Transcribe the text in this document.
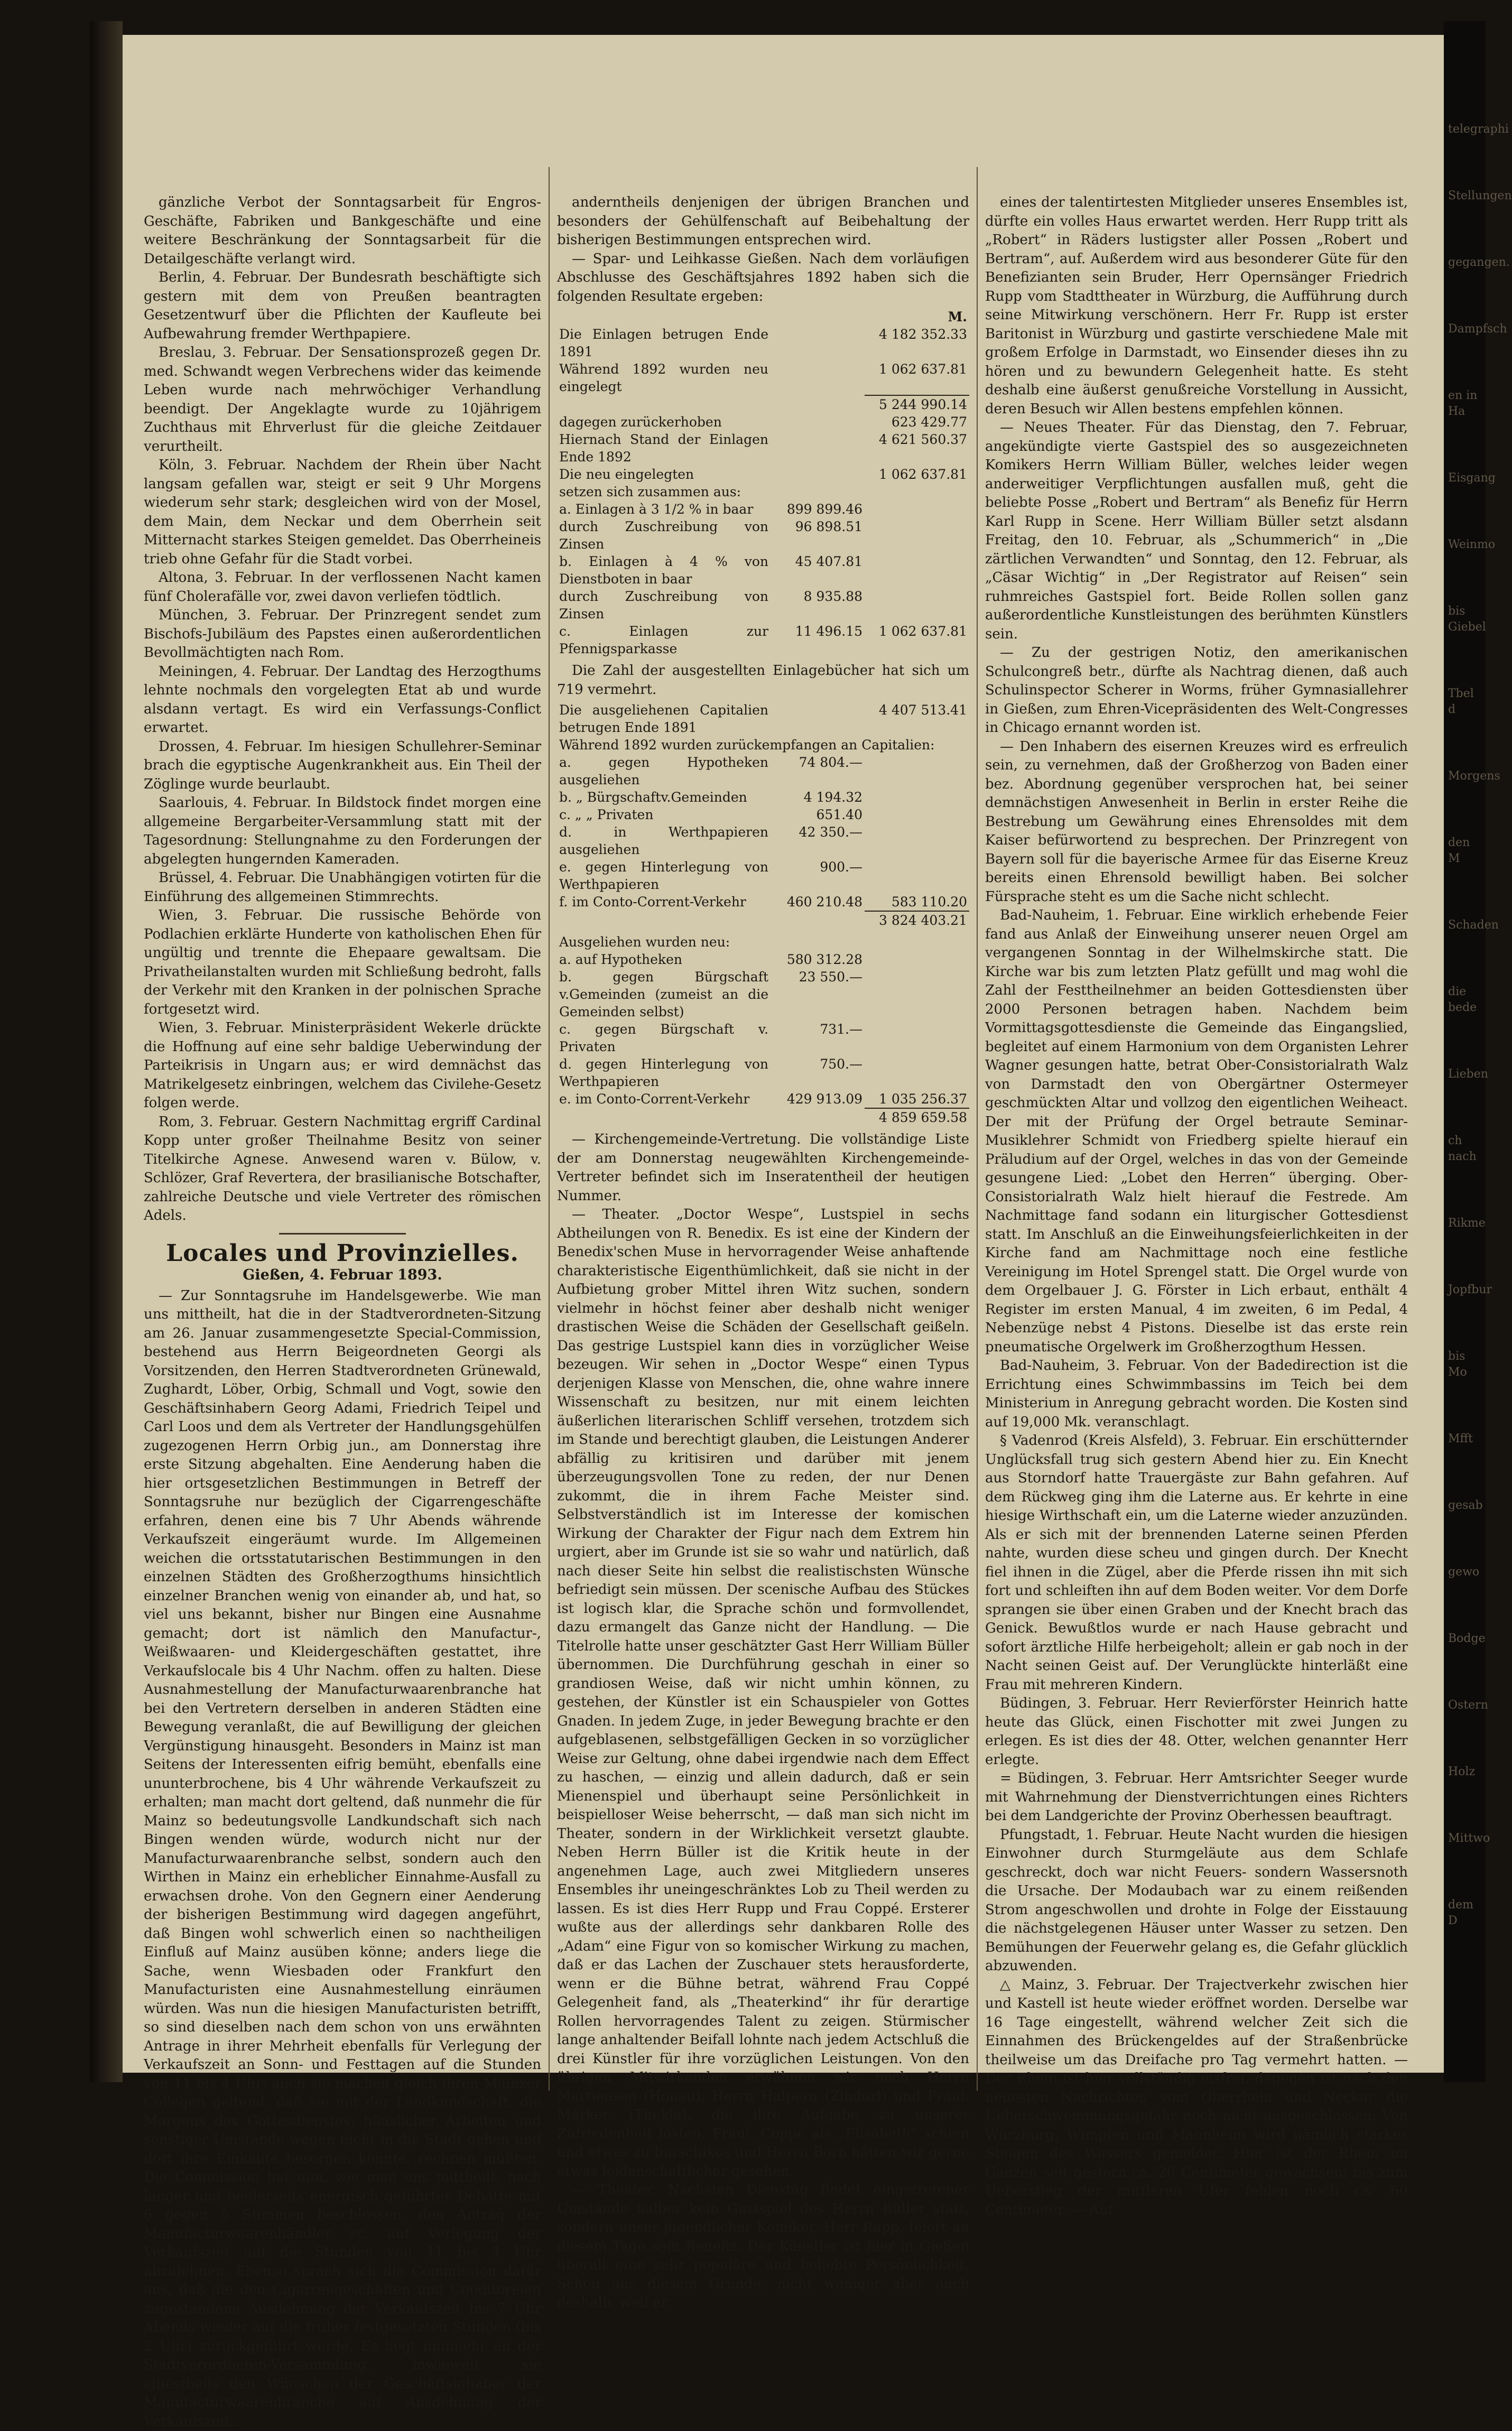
gänzliche Verbot der Sonntagsarbeit für Engros-Geschäfte, Fabriken und Bankgeschäfte und eine weitere Beschränkung der Sonntagsarbeit für die Detailgeschäfte verlangt wird.

Berlin, 4. Februar. Der Bundesrath beschäftigte sich gestern mit dem von Preußen beantragten Gesetzentwurf über die Pflichten der Kaufleute bei Aufbewahrung fremder Werthpapiere.

Breslau, 3. Februar. Der Sensationsprozeß gegen Dr. med. Schwandt wegen Verbrechens wider das keimende Leben wurde nach mehrwöchiger Verhandlung beendigt. Der Angeklagte wurde zu 10jährigem Zuchthaus mit Ehrverlust für die gleiche Zeitdauer verurtheilt.

Köln, 3. Februar. Nachdem der Rhein über Nacht langsam gefallen war, steigt er seit 9 Uhr Morgens wiederum sehr stark; desgleichen wird von der Mosel, dem Main, dem Neckar und dem Oberrhein seit Mitternacht starkes Steigen gemeldet. Das Oberrheineis trieb ohne Gefahr für die Stadt vorbei.

Altona, 3. Februar. In der verflossenen Nacht kamen fünf Cholerafälle vor, zwei davon verliefen tödtlich.

München, 3. Februar. Der Prinzregent sendet zum Bischofs-Jubiläum des Papstes einen außerordentlichen Bevollmächtigten nach Rom.

Meiningen, 4. Februar. Der Landtag des Herzogthums lehnte nochmals den vorgelegten Etat ab und wurde alsdann vertagt. Es wird ein Verfassungs-Conflict erwartet.

Drossen, 4. Februar. Im hiesigen Schullehrer-Seminar brach die egyptische Augenkrankheit aus. Ein Theil der Zöglinge wurde beurlaubt.

Saarlouis, 4. Februar. In Bildstock findet morgen eine allgemeine Bergarbeiter-Versammlung statt mit der Tagesordnung: Stellungnahme zu den Forderungen der abgelegten hungernden Kameraden.

Brüssel, 4. Februar. Die Unabhängigen votirten für die Einführung des allgemeinen Stimmrechts.

Wien, 3. Februar. Die russische Behörde von Podlachien erklärte Hunderte von katholischen Ehen für ungültig und trennte die Ehepaare gewaltsam. Die Privatheilanstalten wurden mit Schließung bedroht, falls der Verkehr mit den Kranken in der polnischen Sprache fortgesetzt wird.

Wien, 3. Februar. Ministerpräsident Wekerle drückte die Hoffnung auf eine sehr baldige Ueberwindung der Parteikrisis in Ungarn aus; er wird demnächst das Matrikelgesetz einbringen, welchem das Civilehe-Gesetz folgen werde.

Rom, 3. Februar. Gestern Nachmittag ergriff Cardinal Kopp unter großer Theilnahme Besitz von seiner Titelkirche Agnese. Anwesend waren v. Bülow, v. Schlözer, Graf Revertera, der brasilianische Botschafter, zahlreiche Deutsche und viele Vertreter des römischen Adels.

Locales und Provinzielles.
Gießen, 4. Februar 1893.

— Zur Sonntagsruhe im Handelsgewerbe. Wie man uns mittheilt, hat die in der Stadtverordneten-Sitzung am 26. Januar zusammengesetzte Special-Commission, bestehend aus Herrn Beigeordneten Georgi als Vorsitzenden, den Herren Stadtverordneten Grünewald, Zughardt, Löber, Orbig, Schmall und Vogt, sowie den Geschäftsinhabern Georg Adami, Friedrich Teipel und Carl Loos und dem als Vertreter der Handlungsgehülfen zugezogenen Herrn Orbig jun., am Donnerstag ihre erste Sitzung abgehalten. Eine Aenderung haben die hier ortsgesetzlichen Bestimmungen in Betreff der Sonntagsruhe nur bezüglich der Cigarrengeschäfte erfahren, denen eine bis 7 Uhr Abends währende Verkaufszeit eingeräumt wurde. Im Allgemeinen weichen die ortsstatutarischen Bestimmungen in den einzelnen Städten des Großherzogthums hinsichtlich einzelner Branchen wenig von einander ab, und hat, so viel uns bekannt, bisher nur Bingen eine Ausnahme gemacht; dort ist nämlich den Manufactur-, Weißwaaren- und Kleidergeschäften gestattet, ihre Verkaufslocale bis 4 Uhr Nachm. offen zu halten. Diese Ausnahmestellung der Manufacturwaarenbranche hat bei den Vertretern derselben in anderen Städten eine Bewegung veranlaßt, die auf Bewilligung der gleichen Vergünstigung hinausgeht. Besonders in Mainz ist man Seitens der Interessenten eifrig bemüht, ebenfalls eine ununterbrochene, bis 4 Uhr währende Verkaufszeit zu erhalten; man macht dort geltend, daß nunmehr die für Mainz so bedeutungsvolle Landkundschaft sich nach Bingen wenden würde, wodurch nicht nur der Manufacturwaarenbranche selbst, sondern auch den Wirthen in Mainz ein erheblicher Einnahme-Ausfall zu erwachsen drohe. Von den Gegnern einer Aenderung der bisherigen Bestimmung wird dagegen angeführt, daß Bingen wohl schwerlich einen so nachtheiligen Einfluß auf Mainz ausüben könne; anders liege die Sache, wenn Wiesbaden oder Frankfurt den Manufacturisten eine Ausnahmestellung einräumen würden. Was nun die hiesigen Manufacturisten betrifft, so sind dieselben nach dem schon von uns erwähnten Antrage in ihrer Mehrheit ebenfalls für Verlegung der Verkaufszeit an Sonn- und Festtagen auf die Stunden von 11 bis 4 Uhr; auch sie machen gleich ihren Mainzer Collegen geltend, daß sie mit der Landkundschaft, die Morgens des Gottesdienstes, häuslicher Arbeiten und sonstiger Umstände wegen nicht in die Stadt gehen und dort ihre Einkäufe besorgen könnte, rechnen müßten. Die Commission hat nun, wie man uns mittheilt, nach langer und beiderseits energisch geführter Debatte mit 6 gegen 5 Stimmen beschlossen, den Antrag der Manufacturwaarenhändler zc. auf Verlegung der Verkaufszeit auf die Stunden von 11 bis 4 Uhr abzulehnen. Ebenso sprach sich die Commission dafür aus, daß die den Cigarrengeschäften und Conditoreien zugestandene Ausdehnung der Verkaufszeit bis 7 Uhr Abends wieder auf die früher festgesetzten Stunden (bis 2 Uhr) zurückgeführt werde. Es liegt nunmehr an der Stadtverordneten-Versammlung, inwieweit sie einestheils den Wünschen der Geschäftsinhaber der Manufacturwaarenbranche auf Ausdehnung der Verkaufszeit,

anderntheils denjenigen der übrigen Branchen und besonders der Gehülfenschaft auf Beibehaltung der bisherigen Bestimmungen entsprechen wird.

— Spar- und Leihkasse Gießen. Nach dem vorläufigen Abschlusse des Geschäftsjahres 1892 haben sich die folgenden Resultate ergeben:

		M.
Die Einlagen betrugen Ende 1891		4 182 352.33
Während 1892 wurden neu eingelegt		1 062 637.81
		5 244 990.14
dagegen zurückerhoben		623 429.77
Hiernach Stand der Einlagen Ende 1892		4 621 560.37
Die neu eingelegten		1 062 637.81
setzen sich zusammen aus:		
a. Einlagen à 3 1/2 % in baar	899 899.46	
durch Zuschreibung von Zinsen	96 898.51	
b. Einlagen à 4 % von Dienstboten in baar	45 407.81	
durch Zuschreibung von Zinsen	8 935.88	
c. Einlagen zur Pfennigsparkasse	11 496.15	1 062 637.81

Die Zahl der ausgestellten Einlagebücher hat sich um 719 vermehrt.

Die ausgeliehenen Capitalien betrugen Ende 1891		4 407 513.41
Während 1892 wurden zurückempfangen an Capitalien:		
a. gegen Hypotheken ausgeliehen	74 804.—	
b. „ Bürgschaftv.Gemeinden	4 194.32	
c. „ „ Privaten	651.40	
d. in Werthpapieren ausgeliehen	42 350.—	
e. gegen Hinterlegung von Werthpapieren	900.—	
f. im Conto-Corrent-Verkehr	460 210.48	583 110.20
		3 824 403.21
Ausgeliehen wurden neu:		
a. auf Hypotheken	580 312.28	
b. gegen Bürgschaft v.Gemeinden (zumeist an die Gemeinden selbst)	23 550.—	
c. gegen Bürgschaft v. Privaten	731.—	
d. gegen Hinterlegung von Werthpapieren	750.—	
e. im Conto-Corrent-Verkehr	429 913.09	1 035 256.37
		4 859 659.58

— Kirchengemeinde-Vertretung. Die vollständige Liste der am Donnerstag neugewählten Kirchengemeinde-Vertreter befindet sich im Inseratentheil der heutigen Nummer.

— Theater. „Doctor Wespe“, Lustspiel in sechs Abtheilungen von R. Benedix. Es ist eine der Kindern der Benedix'schen Muse in hervorragender Weise anhaftende charakteristische Eigenthümlichkeit, daß sie nicht in der Aufbietung grober Mittel ihren Witz suchen, sondern vielmehr in höchst feiner aber deshalb nicht weniger drastischen Weise die Schäden der Gesellschaft geißeln. Das gestrige Lustspiel kann dies in vorzüglicher Weise bezeugen. Wir sehen in „Doctor Wespe“ einen Typus derjenigen Klasse von Menschen, die, ohne wahre innere Wissenschaft zu besitzen, nur mit einem leichten äußerlichen literarischen Schliff versehen, trotzdem sich im Stande und berechtigt glauben, die Leistungen Anderer abfällig zu kritisiren und darüber mit jenem überzeugungsvollen Tone zu reden, der nur Denen zukommt, die in ihrem Fache Meister sind. Selbstverständlich ist im Interesse der komischen Wirkung der Charakter der Figur nach dem Extrem hin urgiert, aber im Grunde ist sie so wahr und natürlich, daß nach dieser Seite hin selbst die realistischsten Wünsche befriedigt sein müssen. Der scenische Aufbau des Stückes ist logisch klar, die Sprache schön und formvollendet, dazu ermangelt das Ganze nicht der Handlung. — Die Titelrolle hatte unser geschätzter Gast Herr William Büller übernommen. Die Durchführung geschah in einer so grandiosen Weise, daß wir nicht umhin können, zu gestehen, der Künstler ist ein Schauspieler von Gottes Gnaden. In jedem Zuge, in jeder Bewegung brachte er den aufgeblasenen, selbstgefälligen Gecken in so vorzüglicher Weise zur Geltung, ohne dabei irgendwie nach dem Effect zu haschen, — einzig und allein dadurch, daß er sein Mienenspiel und überhaupt seine Persönlichkeit in beispielloser Weise beherrscht, — daß man sich nicht im Theater, sondern in der Wirklichkeit versetzt glaubte. Neben Herrn Büller ist die Kritik heute in der angenehmen Lage, auch zwei Mitgliedern unseres Ensembles ihr uneingeschränktes Lob zu Theil werden zu lassen. Es ist dies Herr Rupp und Frau Coppé. Ersterer wußte aus der allerdings sehr dankbaren Rolle des „Adam“ eine Figur von so komischer Wirkung zu machen, daß er das Lachen der Zuschauer stets herausforderte, wenn er die Bühne betrat, während Frau Coppé Gelegenheit fand, als „Theaterkind“ ihr für derartige Rollen hervorragendes Talent zu zeigen. Stürmischer lange anhaltender Beifall lohnte nach jedem Actschluß die drei Künstler für ihre vorzüglichen Leistungen. Von den übrigen Mitwirkenden erwähnen wir noch Herrn Martiensen (Honau), Herrn Halpern (Zindorf) und Fräul. Märker (Thekla), die ihre Aufgabe zu unserer Zufriedenheit lösten. Fräul. Coppé als „Elisabeth“ schien und etwas zu burschikos und Herrn Born hätten wir gerne etwas leidenschaftlicher gesehen.

— Theater. Nächsten Dienstag findet eingetretener Umstände halber kein Gastspiel des Herrn Büller statt, sondern unser jugendlicher Komiker, Herr Rupp, feiert an diesem Tage sein Benefiz. Der Künstler ist hier in Gießen überall eine sehr populäre und beliebte Persönlichkeit. Schon aus diesem Grunde, nicht weniger aber auch deshalb, weil er

eines der talentirtesten Mitglieder unseres Ensembles ist, dürfte ein volles Haus erwartet werden. Herr Rupp tritt als „Robert“ in Räders lustigster aller Possen „Robert und Bertram“, auf. Außerdem wird aus besonderer Güte für den Benefizianten sein Bruder, Herr Opernsänger Friedrich Rupp vom Stadttheater in Würzburg, die Aufführung durch seine Mitwirkung verschönern. Herr Fr. Rupp ist erster Baritonist in Würzburg und gastirte verschiedene Male mit großem Erfolge in Darmstadt, wo Einsender dieses ihn zu hören und zu bewundern Gelegenheit hatte. Es steht deshalb eine äußerst genußreiche Vorstellung in Aussicht, deren Besuch wir Allen bestens empfehlen können.

— Neues Theater. Für das Dienstag, den 7. Februar, angekündigte vierte Gastspiel des so ausgezeichneten Komikers Herrn William Büller, welches leider wegen anderweitiger Verpflichtungen ausfallen muß, geht die beliebte Posse „Robert und Bertram“ als Benefiz für Herrn Karl Rupp in Scene. Herr William Büller setzt alsdann Freitag, den 10. Februar, als „Schummerich“ in „Die zärtlichen Verwandten“ und Sonntag, den 12. Februar, als „Cäsar Wichtig“ in „Der Registrator auf Reisen“ sein ruhmreiches Gastspiel fort. Beide Rollen sollen ganz außerordentliche Kunstleistungen des berühmten Künstlers sein.

— Zu der gestrigen Notiz, den amerikanischen Schulcongreß betr., dürfte als Nachtrag dienen, daß auch Schulinspector Scherer in Worms, früher Gymnasiallehrer in Gießen, zum Ehren-Vicepräsidenten des Welt-Congresses in Chicago ernannt worden ist.

— Den Inhabern des eisernen Kreuzes wird es erfreulich sein, zu vernehmen, daß der Großherzog von Baden einer bez. Abordnung gegenüber versprochen hat, bei seiner demnächstigen Anwesenheit in Berlin in erster Reihe die Bestrebung um Gewährung eines Ehrensoldes mit dem Kaiser befürwortend zu besprechen. Der Prinzregent von Bayern soll für die bayerische Armee für das Eiserne Kreuz bereits einen Ehrensold bewilligt haben. Bei solcher Fürsprache steht es um die Sache nicht schlecht.

Bad-Nauheim, 1. Februar. Eine wirklich erhebende Feier fand aus Anlaß der Einweihung unserer neuen Orgel am vergangenen Sonntag in der Wilhelmskirche statt. Die Kirche war bis zum letzten Platz gefüllt und mag wohl die Zahl der Festtheilnehmer an beiden Gottesdiensten über 2000 Personen betragen haben. Nachdem beim Vormittagsgottesdienste die Gemeinde das Eingangslied, begleitet auf einem Harmonium von dem Organisten Lehrer Wagner gesungen hatte, betrat Ober-Consistorialrath Walz von Darmstadt den von Obergärtner Ostermeyer geschmückten Altar und vollzog den eigentlichen Weiheact. Der mit der Prüfung der Orgel betraute Seminar-Musiklehrer Schmidt von Friedberg spielte hierauf ein Präludium auf der Orgel, welches in das von der Gemeinde gesungene Lied: „Lobet den Herren“ überging. Ober-Consistorialrath Walz hielt hierauf die Festrede. Am Nachmittage fand sodann ein liturgischer Gottesdienst statt. Im Anschluß an die Einweihungsfeierlichkeiten in der Kirche fand am Nachmittage noch eine festliche Vereinigung im Hotel Sprengel statt. Die Orgel wurde von dem Orgelbauer J. G. Förster in Lich erbaut, enthält 4 Register im ersten Manual, 4 im zweiten, 6 im Pedal, 4 Nebenzüge nebst 4 Pistons. Dieselbe ist das erste rein pneumatische Orgelwerk im Großherzogthum Hessen.

Bad-Nauheim, 3. Februar. Von der Badedirection ist die Errichtung eines Schwimmbassins im Teich bei dem Ministerium in Anregung gebracht worden. Die Kosten sind auf 19,000 Mk. veranschlagt.

§ Vadenrod (Kreis Alsfeld), 3. Februar. Ein erschütternder Unglücksfall trug sich gestern Abend hier zu. Ein Knecht aus Storndorf hatte Trauergäste zur Bahn gefahren. Auf dem Rückweg ging ihm die Laterne aus. Er kehrte in eine hiesige Wirthschaft ein, um die Laterne wieder anzuzünden. Als er sich mit der brennenden Laterne seinen Pferden nahte, wurden diese scheu und gingen durch. Der Knecht fiel ihnen in die Zügel, aber die Pferde rissen ihn mit sich fort und schleiften ihn auf dem Boden weiter. Vor dem Dorfe sprangen sie über einen Graben und der Knecht brach das Genick. Bewußtlos wurde er nach Hause gebracht und sofort ärztliche Hilfe herbeigeholt; allein er gab noch in der Nacht seinen Geist auf. Der Verunglückte hinterläßt eine Frau mit mehreren Kindern.

Büdingen, 3. Februar. Herr Revierförster Heinrich hatte heute das Glück, einen Fischotter mit zwei Jungen zu erlegen. Es ist dies der 48. Otter, welchen genannter Herr erlegte.

= Büdingen, 3. Februar. Herr Amtsrichter Seeger wurde mit Wahrnehmung der Dienstverrichtungen eines Richters bei dem Landgerichte der Provinz Oberhessen beauftragt.

Pfungstadt, 1. Februar. Heute Nacht wurden die hiesigen Einwohner durch Sturmgeläute aus dem Schlafe geschreckt, doch war nicht Feuers- sondern Wassersnoth die Ursache. Der Modaubach war zu einem reißenden Strom angeschwollen und drohte in Folge der Eisstauung die nächstgelegenen Häuser unter Wasser zu setzen. Den Bemühungen der Feuerwehr gelang es, die Gefahr glücklich abzuwenden.

△ Mainz, 3. Februar. Der Trajectverkehr zwischen hier und Kastell ist heute wieder eröffnet worden. Derselbe war 16 Tage eingestellt, während welcher Zeit sich die Einnahmen des Brückengeldes auf der Straßenbrücke theilweise um das Dreifache pro Tag vermehrt hatten. — Der Rhein ist hier vollständig eisfrei, dagegen ist nach den neuesten Nachrichten vom Oberrhein und Neckar die Ueberschwemmungsgefahr noch nicht ausgeschlossen. Von Würzburg, Wimpfen und Mannheim wird nämlich starkes Steigen des Wassers gemeldet. Hier ist der Rhein im Ganzen seit gestern ca. 20 Centimeter gewachsen; bis zum Ueberstieg der mittleren Ufer fehlen noch ca. 60 Centimeter. — Auf

telegraphi
Stellungen
gegangen.
Dampfsch
en in Ha
Eisgang
Weinmo
bis Giebel
Tbel d
Morgens
den M
Schaden
die bede
Lieben
ch nach
Rikme
Jopfbur
bis Mo
Mfft
gesab
gewo
Bodge
Ostern
Holz
Mittwo
dem D
